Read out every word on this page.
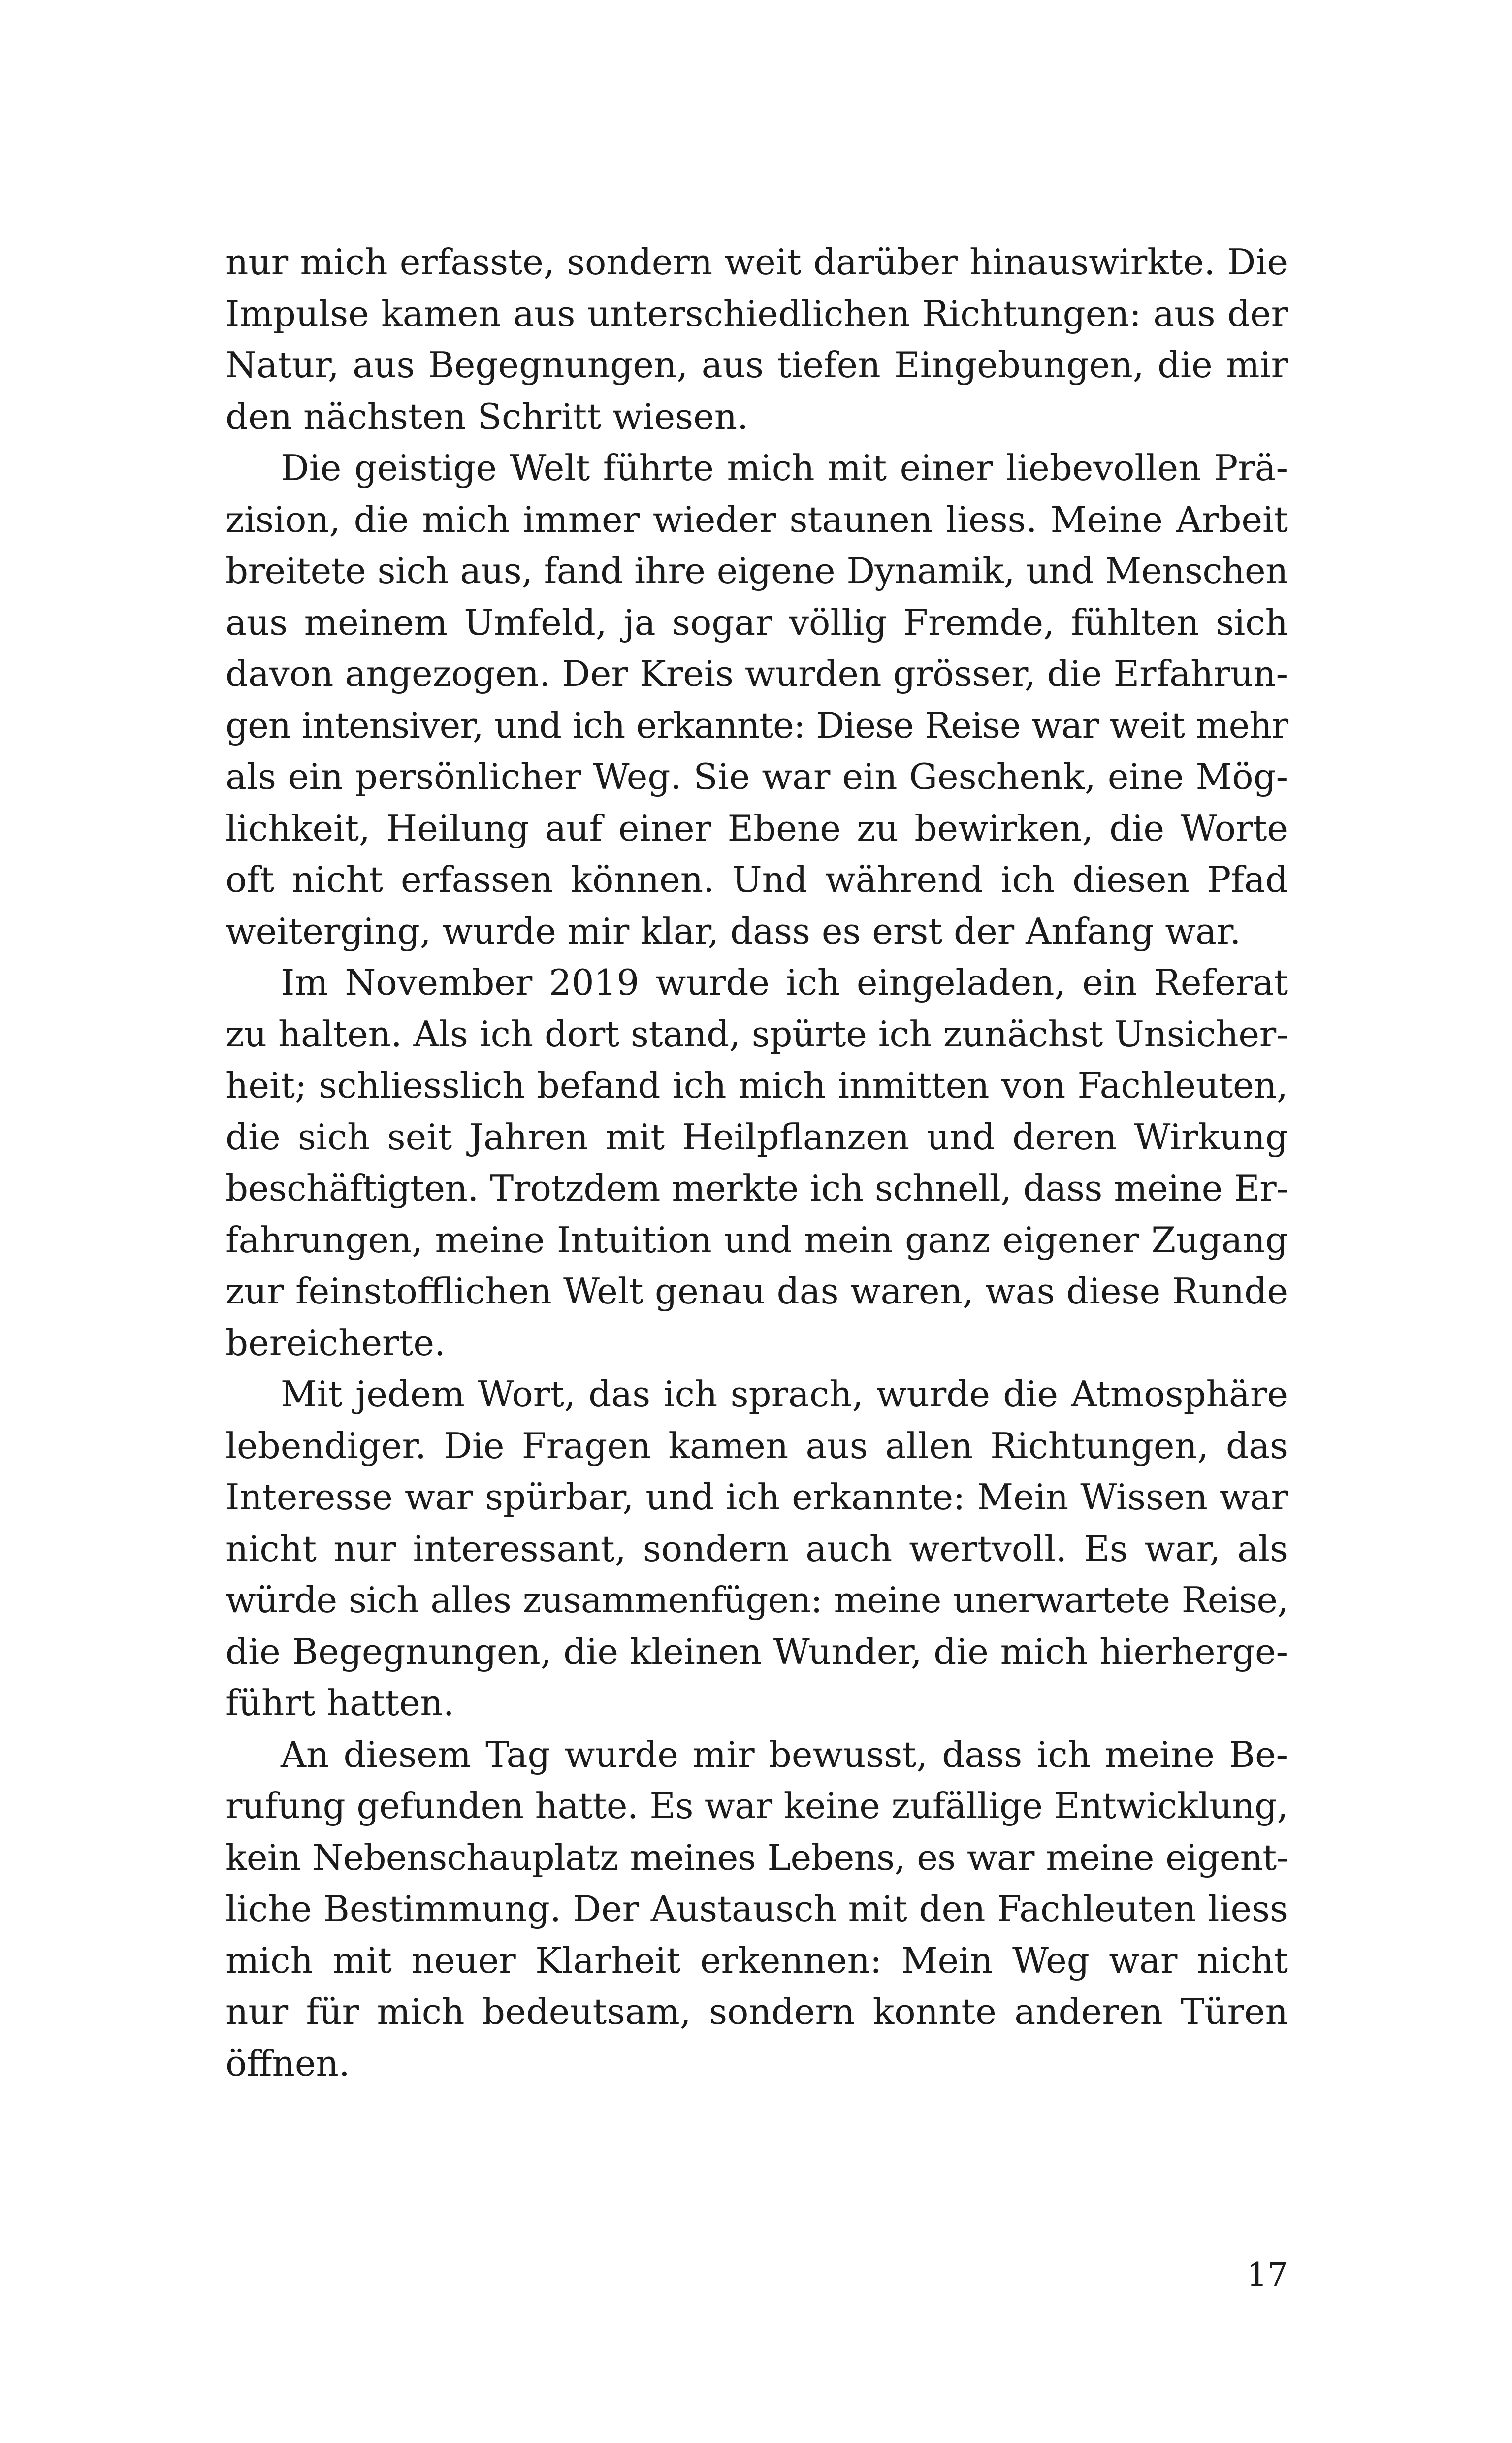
nur mich erfasste, sondern weit darüber hinauswirkte. Die
Impulse kamen aus unterschiedlichen Richtungen: aus der
Natur, aus Begegnungen, aus tiefen Eingebungen, die mir
den nächsten Schritt wiesen.
Die geistige Welt führte mich mit einer liebevollen Prä-
zision, die mich immer wieder staunen liess. Meine Arbeit
breitete sich aus, fand ihre eigene Dynamik, und Menschen
aus meinem Umfeld, ja sogar völlig Fremde, fühlten sich
davon angezogen. Der Kreis wurden grösser, die Erfahrun-
gen intensiver, und ich erkannte: Diese Reise war weit mehr
als ein persönlicher Weg. Sie war ein Geschenk, eine Mög-
lichkeit, Heilung auf einer Ebene zu bewirken, die Worte
oft nicht erfassen können. Und während ich diesen Pfad
weiterging, wurde mir klar, dass es erst der Anfang war.
Im November 2019 wurde ich eingeladen, ein Referat
zu halten. Als ich dort stand, spürte ich zunächst Unsicher-
heit; schliesslich befand ich mich inmitten von Fachleuten,
die sich seit Jahren mit Heilpflanzen und deren Wirkung
beschäftigten. Trotzdem merkte ich schnell, dass meine Er-
fahrungen, meine Intuition und mein ganz eigener Zugang
zur feinstofflichen Welt genau das waren, was diese Runde
bereicherte.
Mit jedem Wort, das ich sprach, wurde die Atmosphäre
lebendiger. Die Fragen kamen aus allen Richtungen, das
Interesse war spürbar, und ich erkannte: Mein Wissen war
nicht nur interessant, sondern auch wertvoll. Es war, als
würde sich alles zusammenfügen: meine unerwartete Reise,
die Begegnungen, die kleinen Wunder, die mich hierherge-
führt hatten.
An diesem Tag wurde mir bewusst, dass ich meine Be-
rufung gefunden hatte. Es war keine zufällige Entwicklung,
kein Nebenschauplatz meines Lebens, es war meine eigent-
liche Bestimmung. Der Austausch mit den Fachleuten liess
mich mit neuer Klarheit erkennen: Mein Weg war nicht
nur für mich bedeutsam, sondern konnte anderen Türen
öffnen.
17
